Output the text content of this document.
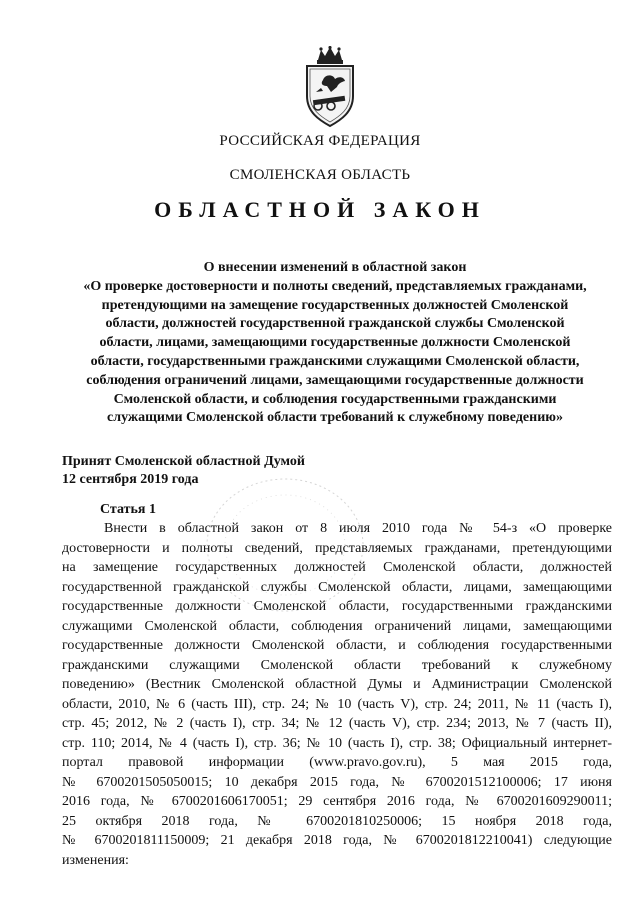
РОССИЙСКАЯ ФЕДЕРАЦИЯ
СМОЛЕНСКАЯ ОБЛАСТЬ
ОБЛАСТНОЙ ЗАКОН
О внесении изменений в областной закон
«О проверке достоверности и полноты сведений, представляемых гражданами,
претендующими на замещение государственных должностей Смоленской
области, должностей государственной гражданской службы Смоленской
области, лицами, замещающими государственные должности Смоленской
области, государственными гражданскими служащими Смоленской области,
соблюдения ограничений лицами, замещающими государственные должности
Смоленской области, и соблюдения государственными гражданскими
служащими Смоленской области требований к служебному поведению»
Принят Смоленской областной Думой
12 сентября 2019 года
Статья 1
Внести в областной закон от 8 июля 2010 года № 54-з «О проверке
достоверности и полноты сведений, представляемых гражданами, претендующими
на замещение государственных должностей Смоленской области, должностей
государственной гражданской службы Смоленской области, лицами, замещающими
государственные должности Смоленской области, государственными гражданскими
служащими Смоленской области, соблюдения ограничений лицами, замещающими
государственные должности Смоленской области, и соблюдения государственными
гражданскими служащими Смоленской области требований к служебному
поведению» (Вестник Смоленской областной Думы и Администрации Смоленской
области, 2010, № 6 (часть III), стр. 24; № 10 (часть V), стр. 24; 2011, № 11 (часть I),
стр. 45; 2012, № 2 (часть I), стр. 34; № 12 (часть V), стр. 234; 2013, № 7 (часть II),
стр. 110; 2014, № 4 (часть I), стр. 36; № 10 (часть I), стр. 38; Официальный интернет-
портал правовой информации (www.pravo.gov.ru), 5 мая 2015 года,
№ 6700201505050015; 10 декабря 2015 года, № 6700201512100006; 17 июня
2016 года, № 6700201606170051; 29 сентября 2016 года, № 6700201609290011;
25 октября 2018 года, № 6700201810250006; 15 ноября 2018 года,
№ 6700201811150009; 21 декабря 2018 года, № 6700201812210041) следующие
изменения:
